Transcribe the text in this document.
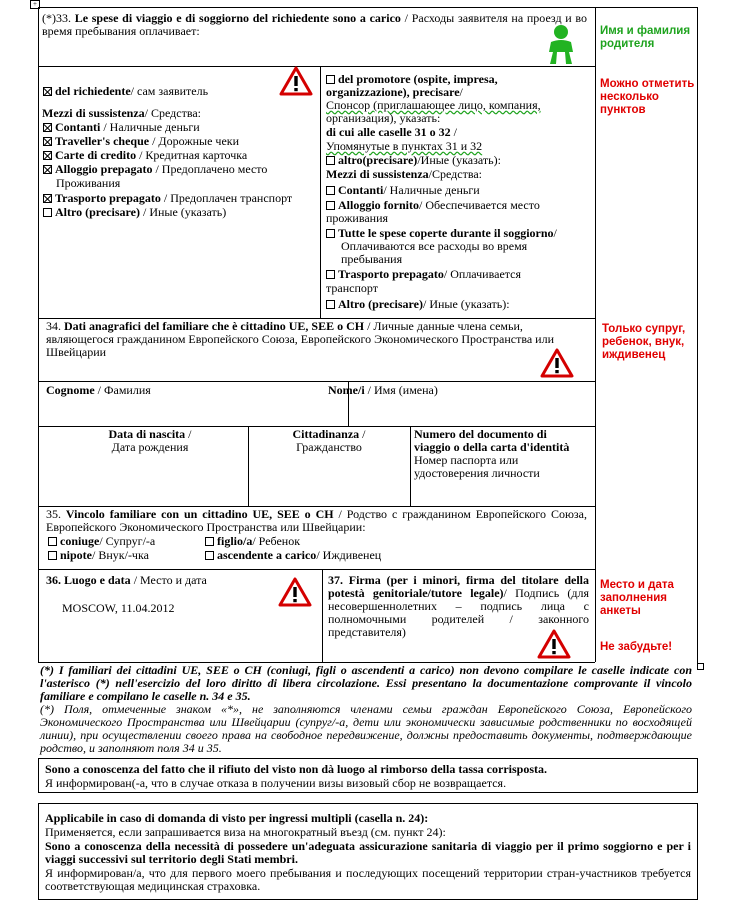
+
(*)33. Le spese di viaggio e di soggiorno del richiedente sono a carico / Расходы заявителя на проезд и во время пребывания оплачивает:
del richiedente/ сам заявитель
Mezzi di sussistenza/ Средства:
Contanti / Наличные деньги
Traveller's cheque / Дорожные чеки
Carte di credito / Кредитная карточка
Alloggio prepagato / Предоплачено место
Проживания
Trasporto prepagato / Предоплачен транспорт
Altro (precisare) / Иные (указать)
del promotore (ospite, impresa,
organizzazione), precisare/
Спонсор (приглашающее лицо, компания,
организация), указать:
di cui alle caselle 31 o 32 /
Упомянутые в пунктах 31 и 32
altro(precisare)/Иные (указать):
Mezzi di sussistenza/Средства:
Contanti/ Наличные деньги
Alloggio fornito/ Обеспечивается место
проживания
Tutte le spese coperte durante il soggiorno/
Оплачиваются все расходы во время
пребывания
Trasporto prepagato/ Оплачивается
транспорт
Altro (precisare)/ Иные (указать):
34. Dati anagrafici del familiare che è cittadino UE, SEE o CH / Личные данные члена семьи, являющегося гражданином Европейского Союза, Европейского Экономического Пространства или Швейцарии
Cognome / Фамилия	Nome/i / Имя (имена)
Data di nascita /
Дата рождения
Cittadinanza /
Гражданство
Numero del documento di viaggio o della carta d'identità
Номер паспорта или удостоверения личности
35. Vincolo familiare con un cittadino UE, SEE o CH / Родство с гражданином Европейского Союза, Европейского Экономического Пространства или Швейцарии:
coniuge/ Супруг/-а	figlio/a/ Ребенок
nipote/ Внук/-чка	ascendente a carico/ Иждивенец
36. Luogo e data / Место и дата
MOSCOW, 11.04.2012
37. Firma (per i minori, firma del titolare della potestà genitoriale/tutore legale)/ Подпись (для несовершеннолетних – подпись лица с полномочными родителей / законного представителя)
(*) I familiari dei cittadini UE, SEE o CH (coniugi, figli o ascendenti a carico) non devono compilare le caselle indicate con l'asterisco (*) nell'esercizio del loro diritto di libera circolazione. Essi presentano la documentazione comprovante il vincolo familiare e compilano le caselle n. 34 e 35.
(*) Поля, отмеченные знаком «*», не заполняются членами семьи граждан Европейского Союза, Европейского Экономического Пространства или Швейцарии (супруг/-а, дети или экономически зависимые родственники по восходящей линии), при осуществлении своего права на свободное передвижение, должны предоставить документы, подтверждающие родство, и заполняют поля 34 и 35.
Sono a conoscenza del fatto che il rifiuto del visto non dà luogo al rimborso della tassa corrisposta.
Я информирован(-а, что в случае отказа в получении визы визовый сбор не возвращается.
Applicabile in caso di domanda di visto per ingressi multipli (casella n. 24):
Применяется, если запрашивается виза на многократный въезд (см. пункт 24):
Sono a conoscenza della necessità di possedere un'adeguata assicurazione sanitaria di viaggio per il primo soggiorno e per i viaggi successivi sul territorio degli Stati membri.
Я информирован/а, что для первого моего пребывания и последующих посещений территории стран-участников требуется соответствующая медицинская страховка.
Имя и фамилия родителя
Можно отметить несколько пунктов
Только супруг, ребенок, внук, иждивенец
Место и дата заполнения анкеты
Не забудьте!
